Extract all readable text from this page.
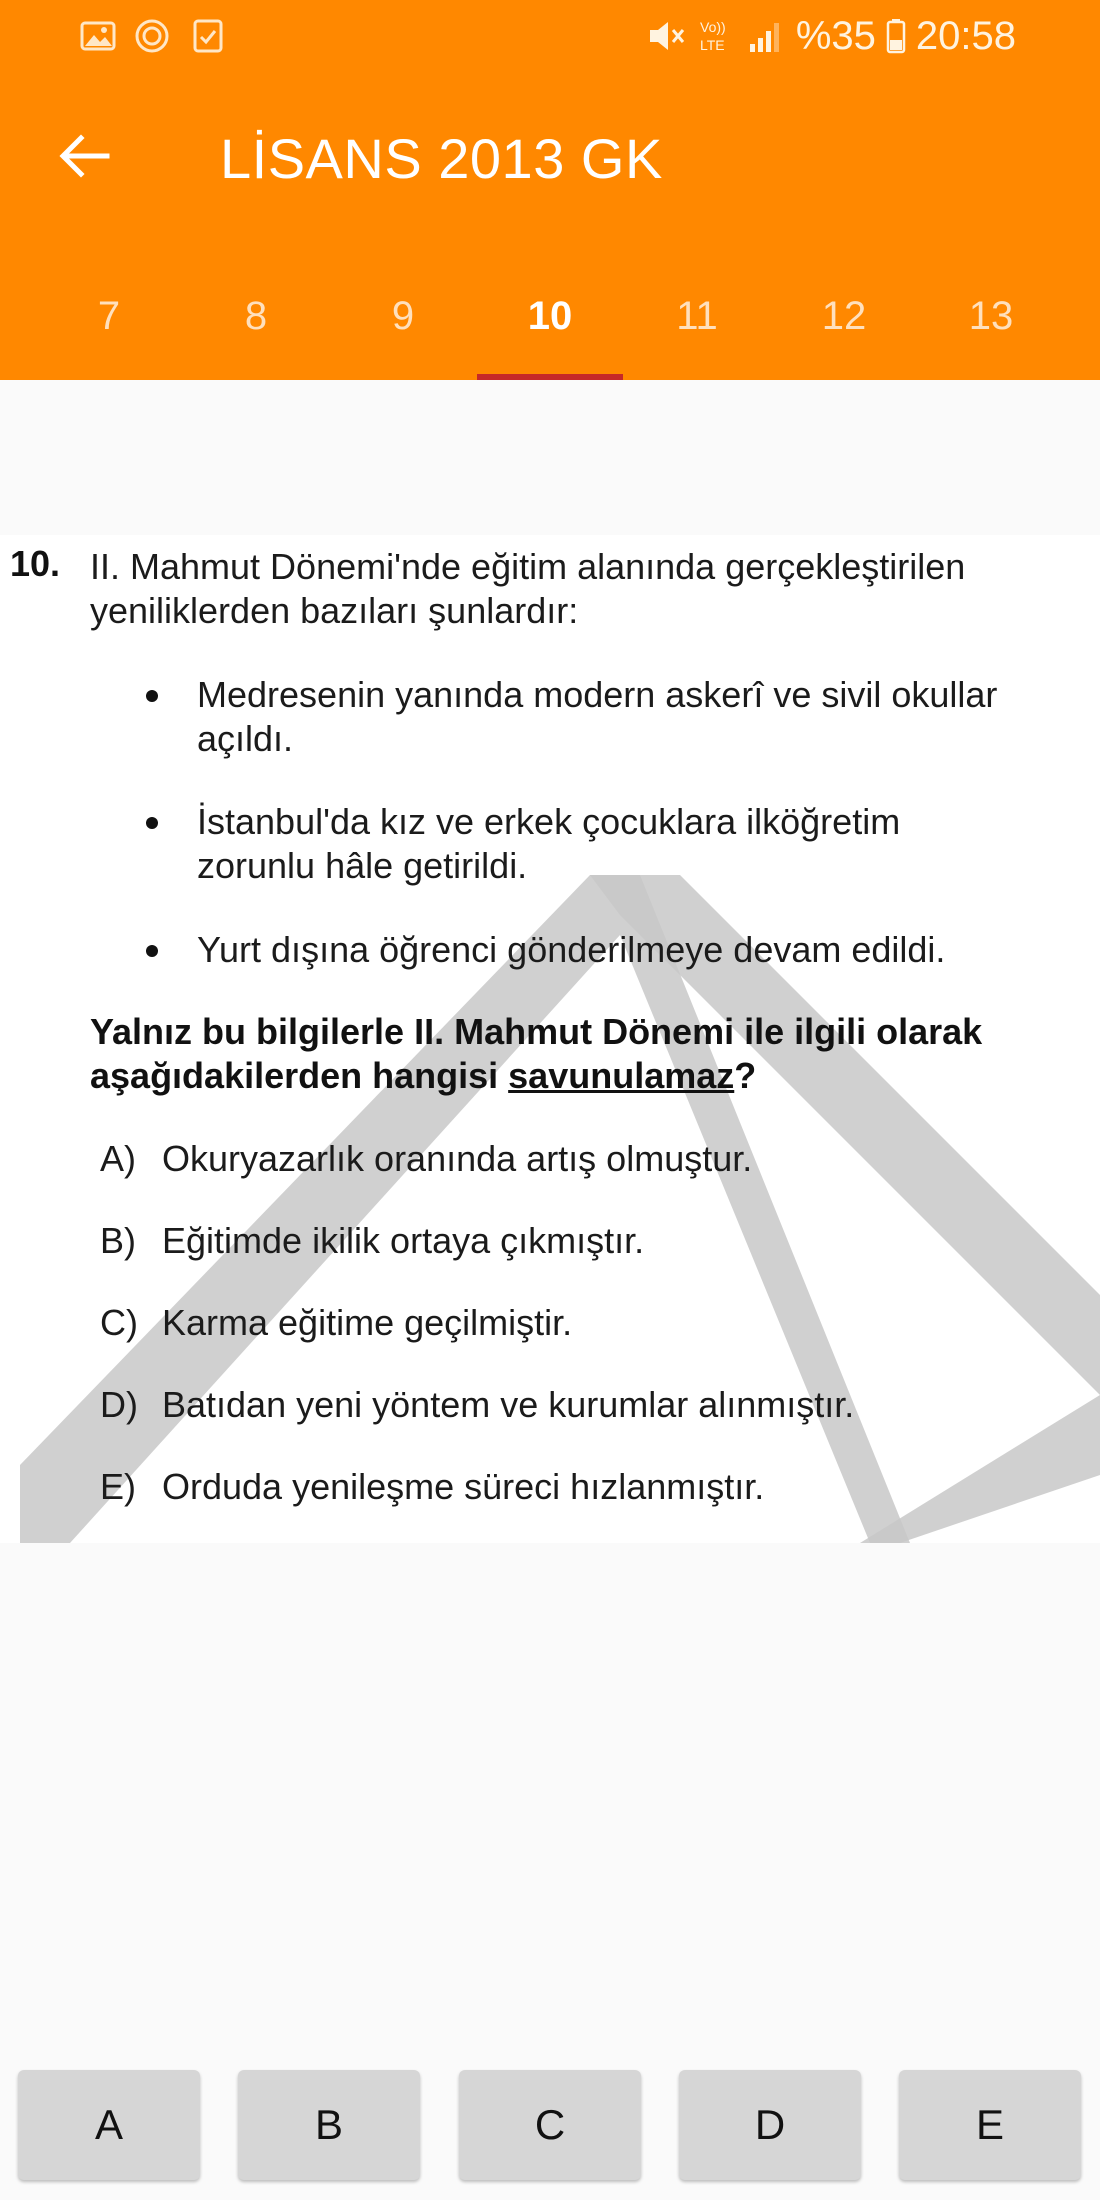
Vo))
LTE %35 20:58
LİSANS 2013 GK
7	8	9	10	11	12	13
10. II. Mahmut Dönemi'nde eğitim alanında gerçekleştirilen
yeniliklerden bazıları şunlardır:
Medresenin yanında modern askerî ve sivil okullar
açıldı.
İstanbul'da kız ve erkek çocuklara ilköğretim
zorunlu hâle getirildi.
Yurt dışına öğrenci gönderilmeye devam edildi.
Yalnız bu bilgilerle II. Mahmut Dönemi ile ilgili olarak
aşağıdakilerden hangisi savunulamaz?
A) Okuryazarlık oranında artış olmuştur.
B) Eğitimde ikilik ortaya çıkmıştır.
C) Karma eğitime geçilmiştir.
D) Batıdan yeni yöntem ve kurumlar alınmıştır.
E) Orduda yenileşme süreci hızlanmıştır.
A	B	C	D	E
